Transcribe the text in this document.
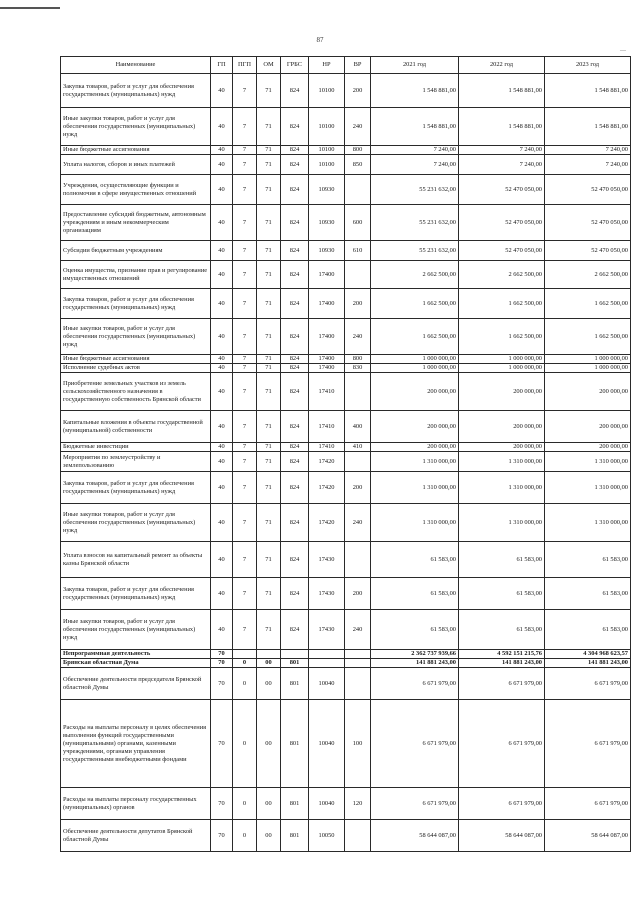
87
—
Наименование	ГП	ПГП	ОМ	ГРБС	НР	ВР	2021 год	2022 год	2023 год
Закупка товаров, работ и услуг для обеспечения государственных (муниципальных) нужд	40	7	71	824	10100	200	1 548 881,00	1 548 881,00	1 548 881,00
Иные закупки товаров, работ и услуг для обеспечения государственных (муниципальных) нужд	40	7	71	824	10100	240	1 548 881,00	1 548 881,00	1 548 881,00
Иные бюджетные ассигнования	40	7	71	824	10100	800	7 240,00	7 240,00	7 240,00
Уплата налогов, сборов и иных платежей	40	7	71	824	10100	850	7 240,00	7 240,00	7 240,00
Учреждения, осуществляющие функции и полномочия в сфере имущественных отношений	40	7	71	824	10930		55 231 632,00	52 470 050,00	52 470 050,00
Предоставление субсидий бюджетным, автономным учреждениям и иным некоммерческим организациям	40	7	71	824	10930	600	55 231 632,00	52 470 050,00	52 470 050,00
Субсидии бюджетным учреждениям	40	7	71	824	10930	610	55 231 632,00	52 470 050,00	52 470 050,00
Оценка имущества, признание прав и регулирование имущественных отношений	40	7	71	824	17400		2 662 500,00	2 662 500,00	2 662 500,00
Закупка товаров, работ и услуг для обеспечения государственных (муниципальных) нужд	40	7	71	824	17400	200	1 662 500,00	1 662 500,00	1 662 500,00
Иные закупки товаров, работ и услуг для обеспечения государственных (муниципальных) нужд	40	7	71	824	17400	240	1 662 500,00	1 662 500,00	1 662 500,00
Иные бюджетные ассигнования	40	7	71	824	17400	800	1 000 000,00	1 000 000,00	1 000 000,00
Исполнение судебных актов	40	7	71	824	17400	830	1 000 000,00	1 000 000,00	1 000 000,00
Приобретение земельных участков из земель сельскохозяйственного назначения в государственную собственность Брянской области	40	7	71	824	17410		200 000,00	200 000,00	200 000,00
Капитальные вложения в объекты государственной (муниципальной) собственности	40	7	71	824	17410	400	200 000,00	200 000,00	200 000,00
Бюджетные инвестиции	40	7	71	824	17410	410	200 000,00	200 000,00	200 000,00
Мероприятия по землеустройству и землепользованию	40	7	71	824	17420		1 310 000,00	1 310 000,00	1 310 000,00
Закупка товаров, работ и услуг для обеспечения государственных (муниципальных) нужд	40	7	71	824	17420	200	1 310 000,00	1 310 000,00	1 310 000,00
Иные закупки товаров, работ и услуг для обеспечения государственных (муниципальных) нужд	40	7	71	824	17420	240	1 310 000,00	1 310 000,00	1 310 000,00
Уплата взносов на капитальный ремонт за объекты казны Брянской области	40	7	71	824	17430		61 583,00	61 583,00	61 583,00
Закупка товаров, работ и услуг для обеспечения государственных (муниципальных) нужд	40	7	71	824	17430	200	61 583,00	61 583,00	61 583,00
Иные закупки товаров, работ и услуг для обеспечения государственных (муниципальных) нужд	40	7	71	824	17430	240	61 583,00	61 583,00	61 583,00
Непрограммная деятельность	70						2 362 737 939,66	4 592 151 215,76	4 304 968 623,57
Брянская областная Дума	70	0	00	801			141 881 243,00	141 881 243,00	141 881 243,00
Обеспечение деятельности председателя Брянской областной Думы	70	0	00	801	10040		6 671 979,00	6 671 979,00	6 671 979,00
Расходы на выплаты персоналу в целях обеспечения выполнения функций государственными (муниципальными) органами, казенными учреждениями, органами управления государственными внебюджетными фондами	70	0	00	801	10040	100	6 671 979,00	6 671 979,00	6 671 979,00
Расходы на выплаты персоналу государственных (муниципальных) органов	70	0	00	801	10040	120	6 671 979,00	6 671 979,00	6 671 979,00
Обеспечение деятельности депутатов Брянской областной Думы	70	0	00	801	10050		58 644 087,00	58 644 087,00	58 644 087,00
